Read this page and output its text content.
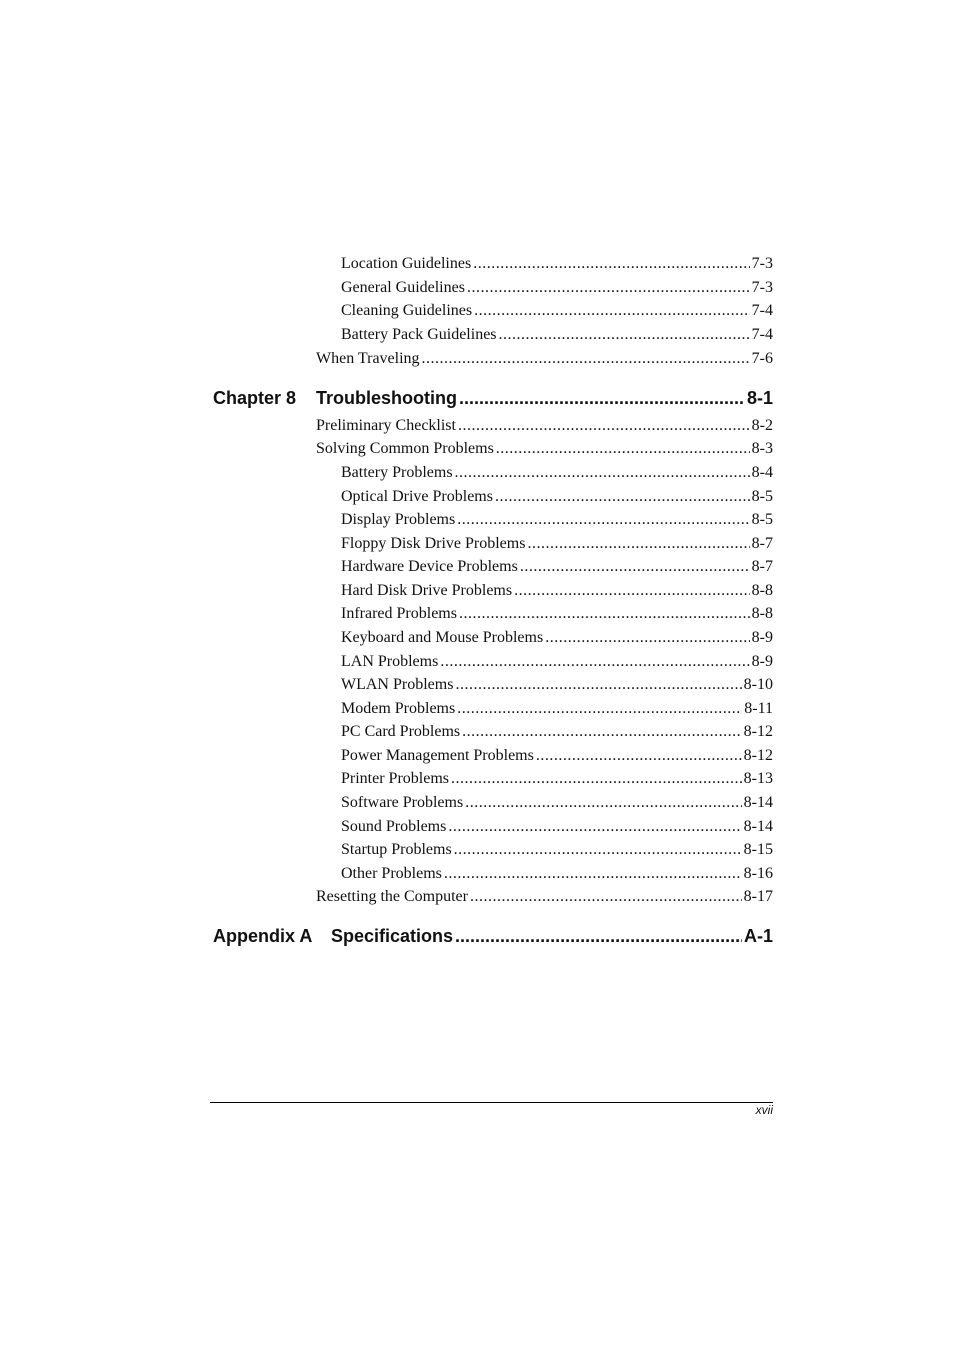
Location Guidelines .....	7-3
General Guidelines .....	7-3
Cleaning Guidelines .....	7-4
Battery Pack Guidelines .....	7-4
When Traveling .....	7-6
Chapter 8	Troubleshooting .....	8-1
Preliminary Checklist .....	8-2
Solving Common Problems .....	8-3
Battery Problems .....	8-4
Optical Drive Problems .....	8-5
Display Problems .....	8-5
Floppy Disk Drive Problems .....	8-7
Hardware Device Problems .....	8-7
Hard Disk Drive Problems .....	8-8
Infrared Problems .....	8-8
Keyboard and Mouse Problems .....	8-9
LAN Problems .....	8-9
WLAN Problems .....	8-10
Modem Problems .....	8-11
PC Card Problems .....	8-12
Power Management Problems .....	8-12
Printer Problems .....	8-13
Software Problems .....	8-14
Sound Problems .....	8-14
Startup Problems .....	8-15
Other Problems .....	8-16
Resetting the Computer .....	8-17
Appendix A	Specifications .....	A-1
xvii
